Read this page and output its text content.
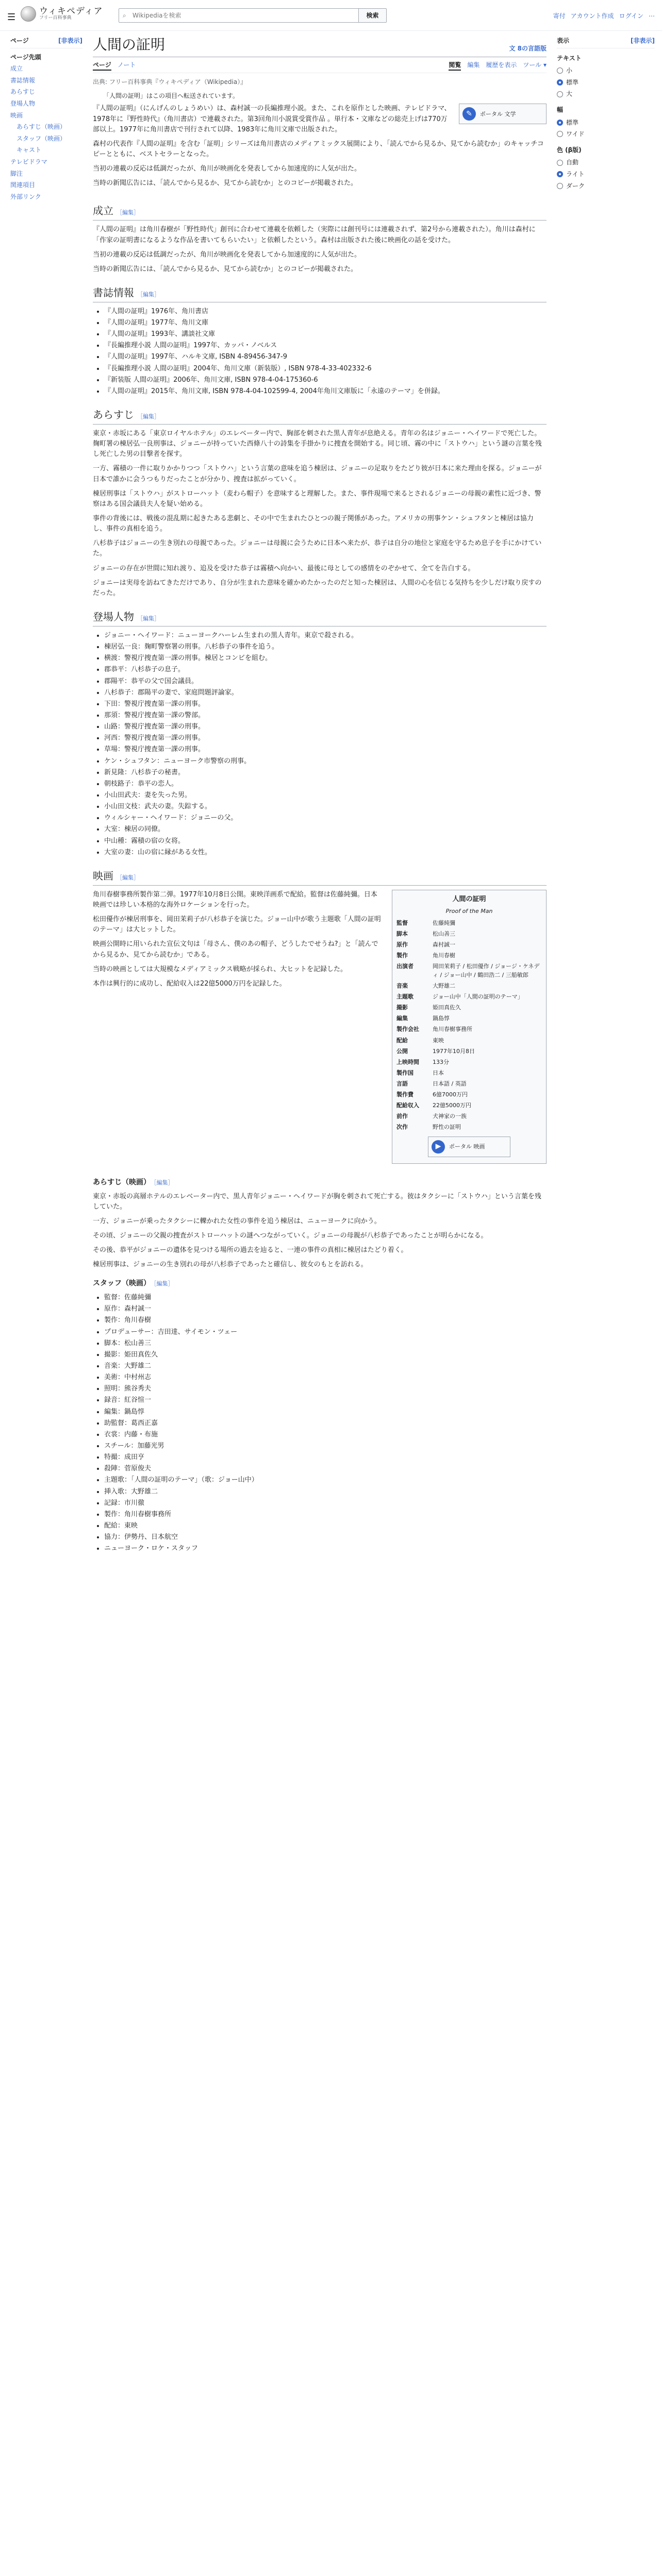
☰
ウィキペディア
フリー百科事典	⌕
Wikipediaを検索	検索	寄付 アカウント作成 ログイン ⋯
ページ	[非表示]
ページ先頭
成立
書誌情報
あらすじ
登場人物
映画
あらすじ（映画）
スタッフ（映画）
キャスト
テレビドラマ
脚注
関連項目
外部リンク
人間の証明	文 8の言語版
ページ ノート	閲覧 編集 履歴を表示 ツール ▾
出典: フリー百科事典『ウィキペディア（Wikipedia）』
「人間の証明」はこの項目へ転送されています。
✎	ポータル 文学

『人間の証明』（にんげんのしょうめい）は、森村誠一の長編推理小説。また、これを原作とした映画、テレビドラマ、1978年に『野性時代』（角川書店）で連載された。第3回角川小説賞受賞作品 。単行本・文庫などの総売上げは770万部以上。1977年に角川書店で刊行されて以降、1983年に角川文庫で出版された。

森村の代表作『人間の証明』を含む「証明」シリーズは角川書店のメディアミックス展開により、「読んでから見るか、見てから読むか」のキャッチコピーとともに、ベストセラーとなった。

当初の連載の反応は低調だったが、角川が映画化を発表してから加速度的に人気が出た。

当時の新聞広告には、「読んでから見るか、見てから読むか」とのコピーが掲載された。

成立 ［編集］

『人間の証明』は角川春樹が「野性時代」創刊に合わせて連載を依頼した（実際には創刊号には連載されず、第2号から連載された）。角川は森村に「作家の証明書になるような作品を書いてもらいたい」と依頼したという。森村は出版された後に映画化の話を受けた。

当初の連載の反応は低調だったが、角川が映画化を発表してから加速度的に人気が出た。

当時の新聞広告には、「読んでから見るか、見てから読むか」とのコピーが掲載された。

書誌情報 ［編集］
• 『人間の証明』1976年、角川書店
• 『人間の証明』1977年、角川文庫
• 『人間の証明』1993年、講談社文庫
• 『長編推理小説 人間の証明』1997年、カッパ・ノベルス
• 『人間の証明』1997年、ハルキ文庫, ISBN 4-89456-347-9
• 『長編推理小説 人間の証明』2004年、角川文庫（新装版）, ISBN 978-4-33-402332-6
• 『新装版 人間の証明』2006年、角川文庫, ISBN 978-4-04-175360-6
• 『人間の証明』2015年、角川文庫, ISBN 978-4-04-102599-4, 2004年角川文庫版に「永遠のテーマ」を併録。
あらすじ ［編集］

東京・赤坂にある「東京ロイヤルホテル」のエレベーター内で、胸部を刺された黒人青年が息絶える。青年の名はジョニー・ヘイワードで死亡した。麹町署の棟居弘一良刑事は、ジョニーが持っていた西條八十の詩集を手掛かりに捜査を開始する。同じ頃、霧の中に「ストウハ」という謎の言葉を残し死亡した男の目撃者を探す。

一方、霧積の一件に取りかかりつつ「ストウハ」という言葉の意味を追う棟居は、ジョニーの足取りをたどり彼が日本に来た理由を探る。ジョニーが日本で誰かに会うつもりだったことが分かり、捜査は拡がっていく。

棟居刑事は「ストウハ」がストローハット（麦わら帽子）を意味すると理解した。また、事件現場で来るとされるジョニーの母親の素性に近づき、警察はある国会議員夫人を疑い始める。

事件の背後には、戦後の混乱期に起きたある悲劇と、その中で生まれたひとつの親子関係があった。アメリカの刑事ケン・シュフタンと棟居は協力し、事件の真相を追う。

八杉恭子はジョニーの生き別れの母親であった。ジョニーは母親に会うために日本へ来たが、恭子は自分の地位と家庭を守るため息子を手にかけていた。

ジョニーの存在が世間に知れ渡り、追及を受けた恭子は霧積へ向かい、最後に母としての感情をのぞかせて、全てを告白する。

ジョニーは実母を訪ねてきただけであり、自分が生まれた意味を確かめたかったのだと知った棟居は、人間の心を信じる気持ちを少しだけ取り戻すのだった。

登場人物 ［編集］
• ジョニー・ヘイワード：ニューヨークハーレム生まれの黒人青年。東京で殺される。
• 棟居弘一良：麹町警察署の刑事。八杉恭子の事件を追う。
• 横渡：警視庁捜査第一課の刑事。棟居とコンビを組む。
• 郡恭平：八杉恭子の息子。
• 郡陽平：恭平の父で国会議員。
• 八杉恭子：郡陽平の妻で、家庭問題評論家。
• 下田：警視庁捜査第一課の刑事。
• 那須：警視庁捜査第一課の警部。
• 山路：警視庁捜査第一課の刑事。
• 河西：警視庁捜査第一課の刑事。
• 草場：警視庁捜査第一課の刑事。
• ケン・シュフタン：ニューヨーク市警察の刑事。
• 新見隆：八杉恭子の秘書。
• 朝枝路子：恭平の恋人。
• 小山田武夫：妻を失った男。
• 小山田文枝：武夫の妻。失踪する。
• ウィルシャー・ヘイワード：ジョニーの父。
• 大室：棟居の同僚。
• 中山種：霧積の宿の女将。
• 大室の妻：山の宿に縁がある女性。
映画 ［編集］
人間の証明
Proof of the Man
監督	佐藤純彌
脚本	松山善三
原作	森村誠一
製作	角川春樹
出演者	岡田茉莉子 / 松田優作 / ジョージ・ケネディ / ジョー山中 / 鶴田浩二 / 三船敏郎
音楽	大野雄二
主題歌	ジョー山中「人間の証明のテーマ」
撮影	姫田真佐久
編集	鍋島惇
製作会社	角川春樹事務所
配給	東映
公開	1977年10月8日
上映時間	133分
製作国	日本
言語	日本語 / 英語
製作費	6億7000万円
配給収入	22億5000万円
前作	犬神家の一族
次作	野性の証明
▶	ポータル 映画

角川春樹事務所製作第二弾。1977年10月8日公開。東映洋画系で配給。監督は佐藤純彌。日本映画では珍しい本格的な海外ロケーションを行った。

松田優作が棟居刑事を、岡田茉莉子が八杉恭子を演じた。ジョー山中が歌う主題歌「人間の証明のテーマ」は大ヒットした。

映画公開時に用いられた宣伝文句は「母さん、僕のあの帽子、どうしたでせうね?」と「読んでから見るか、見てから読むか」である。

当時の映画としては大規模なメディアミックス戦略が採られ、大ヒットを記録した。

本作は興行的に成功し、配給収入は22億5000万円を記録した。

あらすじ（映画） ［編集］

東京・赤坂の高層ホテルのエレベーター内で、黒人青年ジョニー・ヘイワードが胸を刺されて死亡する。彼はタクシーに「ストウハ」という言葉を残していた。

一方、ジョニーが乗ったタクシーに轢かれた女性の事件を追う棟居は、ニューヨークに向かう。

その頃、ジョニーの父親の捜査がストローハットの謎へつながっていく。ジョニーの母親が八杉恭子であったことが明らかになる。

その後、恭平がジョニーの遺体を見つける場所の過去を辿ると、一連の事件の真相に棟居はたどり着く。

棟居刑事は、ジョニーの生き別れの母が八杉恭子であったと確信し、彼女のもとを訪れる。

スタッフ（映画） ［編集］
• 監督：佐藤純彌
• 原作：森村誠一
• 製作：角川春樹
• プロデューサー：吉田達、サイモン・ツェー
• 脚本：松山善三
• 撮影：姫田真佐久
• 音楽：大野雄二
• 美術：中村州志
• 照明：熊谷秀夫
• 録音：紅谷愃一
• 編集：鍋島惇
• 助監督：葛西正嘉
• 衣裳：内藤・布施
• スチール：加藤光男
• 特撮：成田亨
• 殺陣：菅原俊夫
• 主題歌：「人間の証明のテーマ」（歌：ジョー山中）
• 挿入歌：大野雄二
• 記録：市川徹
• 製作：角川春樹事務所
• 配給：東映
• 協力：伊勢丹、日本航空
• ニューヨーク・ロケ・スタッフ
表示	[非表示]
テキスト
小
標準
大
幅
標準
ワイド
色 (β版)
自動
ライト
ダーク
